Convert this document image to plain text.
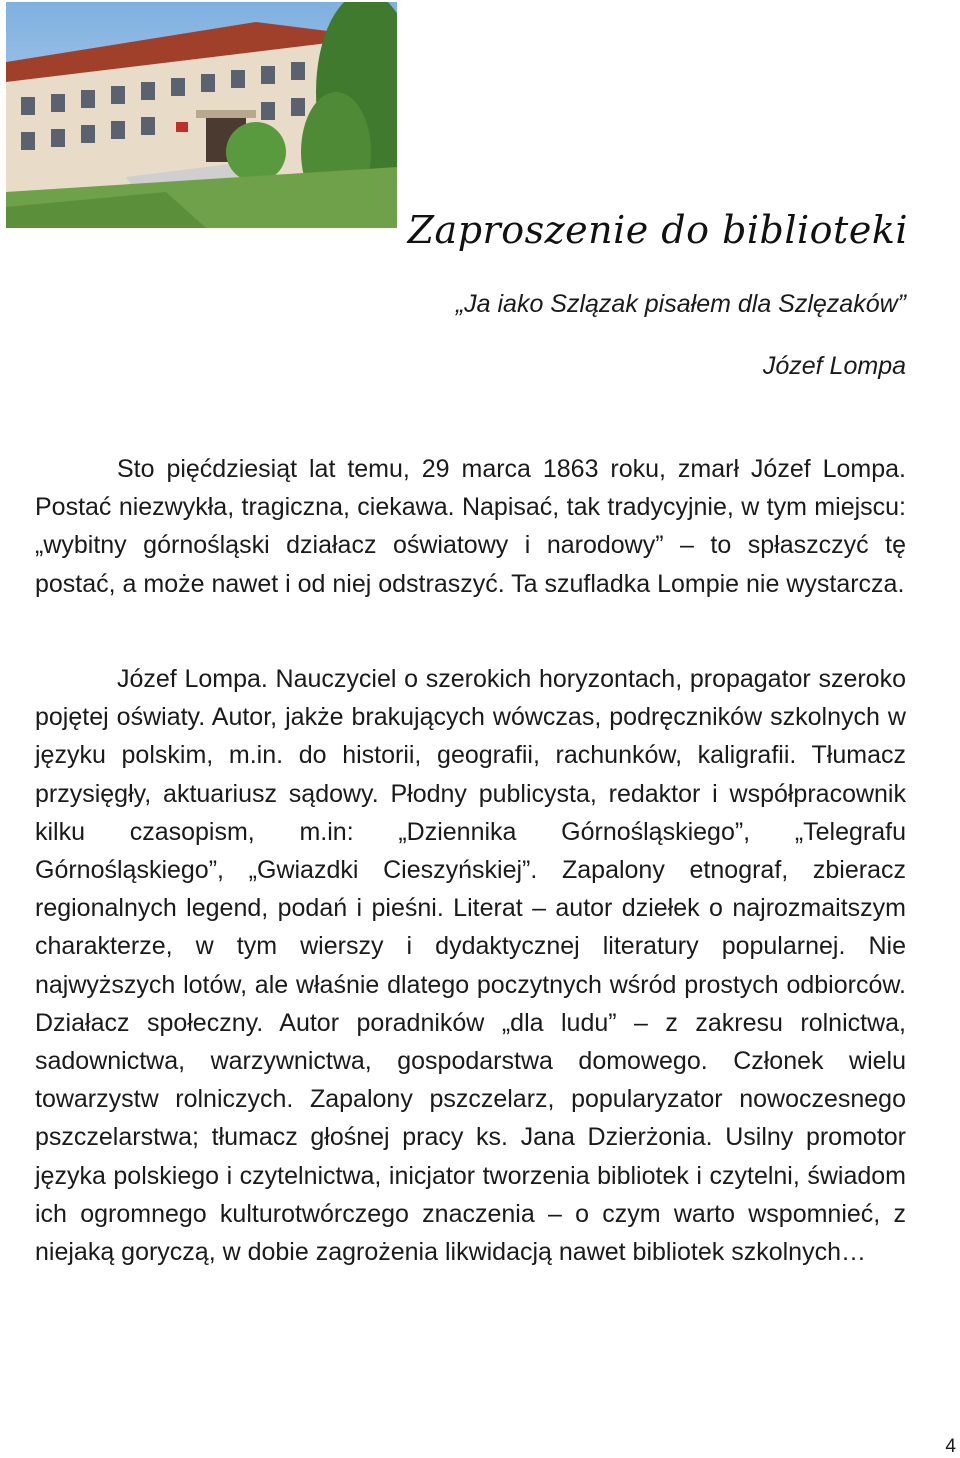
Zaproszenie do biblioteki
„Ja iako Szlązak pisałem dla Szlęzaków”
Józef Lompa

Sto pięćdziesiąt lat temu, 29 marca 1863 roku, zmarł Józef Lompa. Postać niezwykła, tragiczna, ciekawa. Napisać, tak tradycyjnie, w tym miejscu: „wybitny górnośląski działacz oświatowy i narodowy” – to spłaszczyć tę postać, a może nawet i od niej odstraszyć. Ta szufladka Lompie nie wystarcza.

Józef Lompa. Nauczyciel o szerokich horyzontach, propagator szeroko pojętej oświaty. Autor, jakże brakujących wówczas, podręczników szkolnych w języku polskim, m.in. do historii, geografii, rachunków, kaligrafii. Tłumacz przysięgły, aktuariusz sądowy. Płodny publicysta, redaktor i współpracownik kilku czasopism, m.in: „Dziennika Górnośląskiego”, „Telegrafu Górnośląskiego”, „Gwiazdki Cieszyńskiej”. Zapalony etnograf, zbieracz regionalnych legend, podań i pieśni. Literat – autor dziełek o najrozmaitszym charakterze, w tym wierszy i dydaktycznej literatury popularnej. Nie najwyższych lotów, ale właśnie dlatego poczytnych wśród prostych odbiorców. Działacz społeczny. Autor poradników „dla ludu” – z zakresu rolnictwa, sadownictwa, warzywnictwa, gospodarstwa domowego. Członek wielu towarzystw rolniczych. Zapalony pszczelarz, popularyzator nowoczesnego pszczelarstwa; tłumacz głośnej pracy ks. Jana Dzierżonia. Usilny promotor języka polskiego i czytelnictwa, inicjator tworzenia bibliotek i czytelni, świadom ich ogromnego kulturotwórczego znaczenia – o czym warto wspomnieć, z niejaką goryczą, w dobie zagrożenia likwidacją nawet bibliotek szkolnych…

4
